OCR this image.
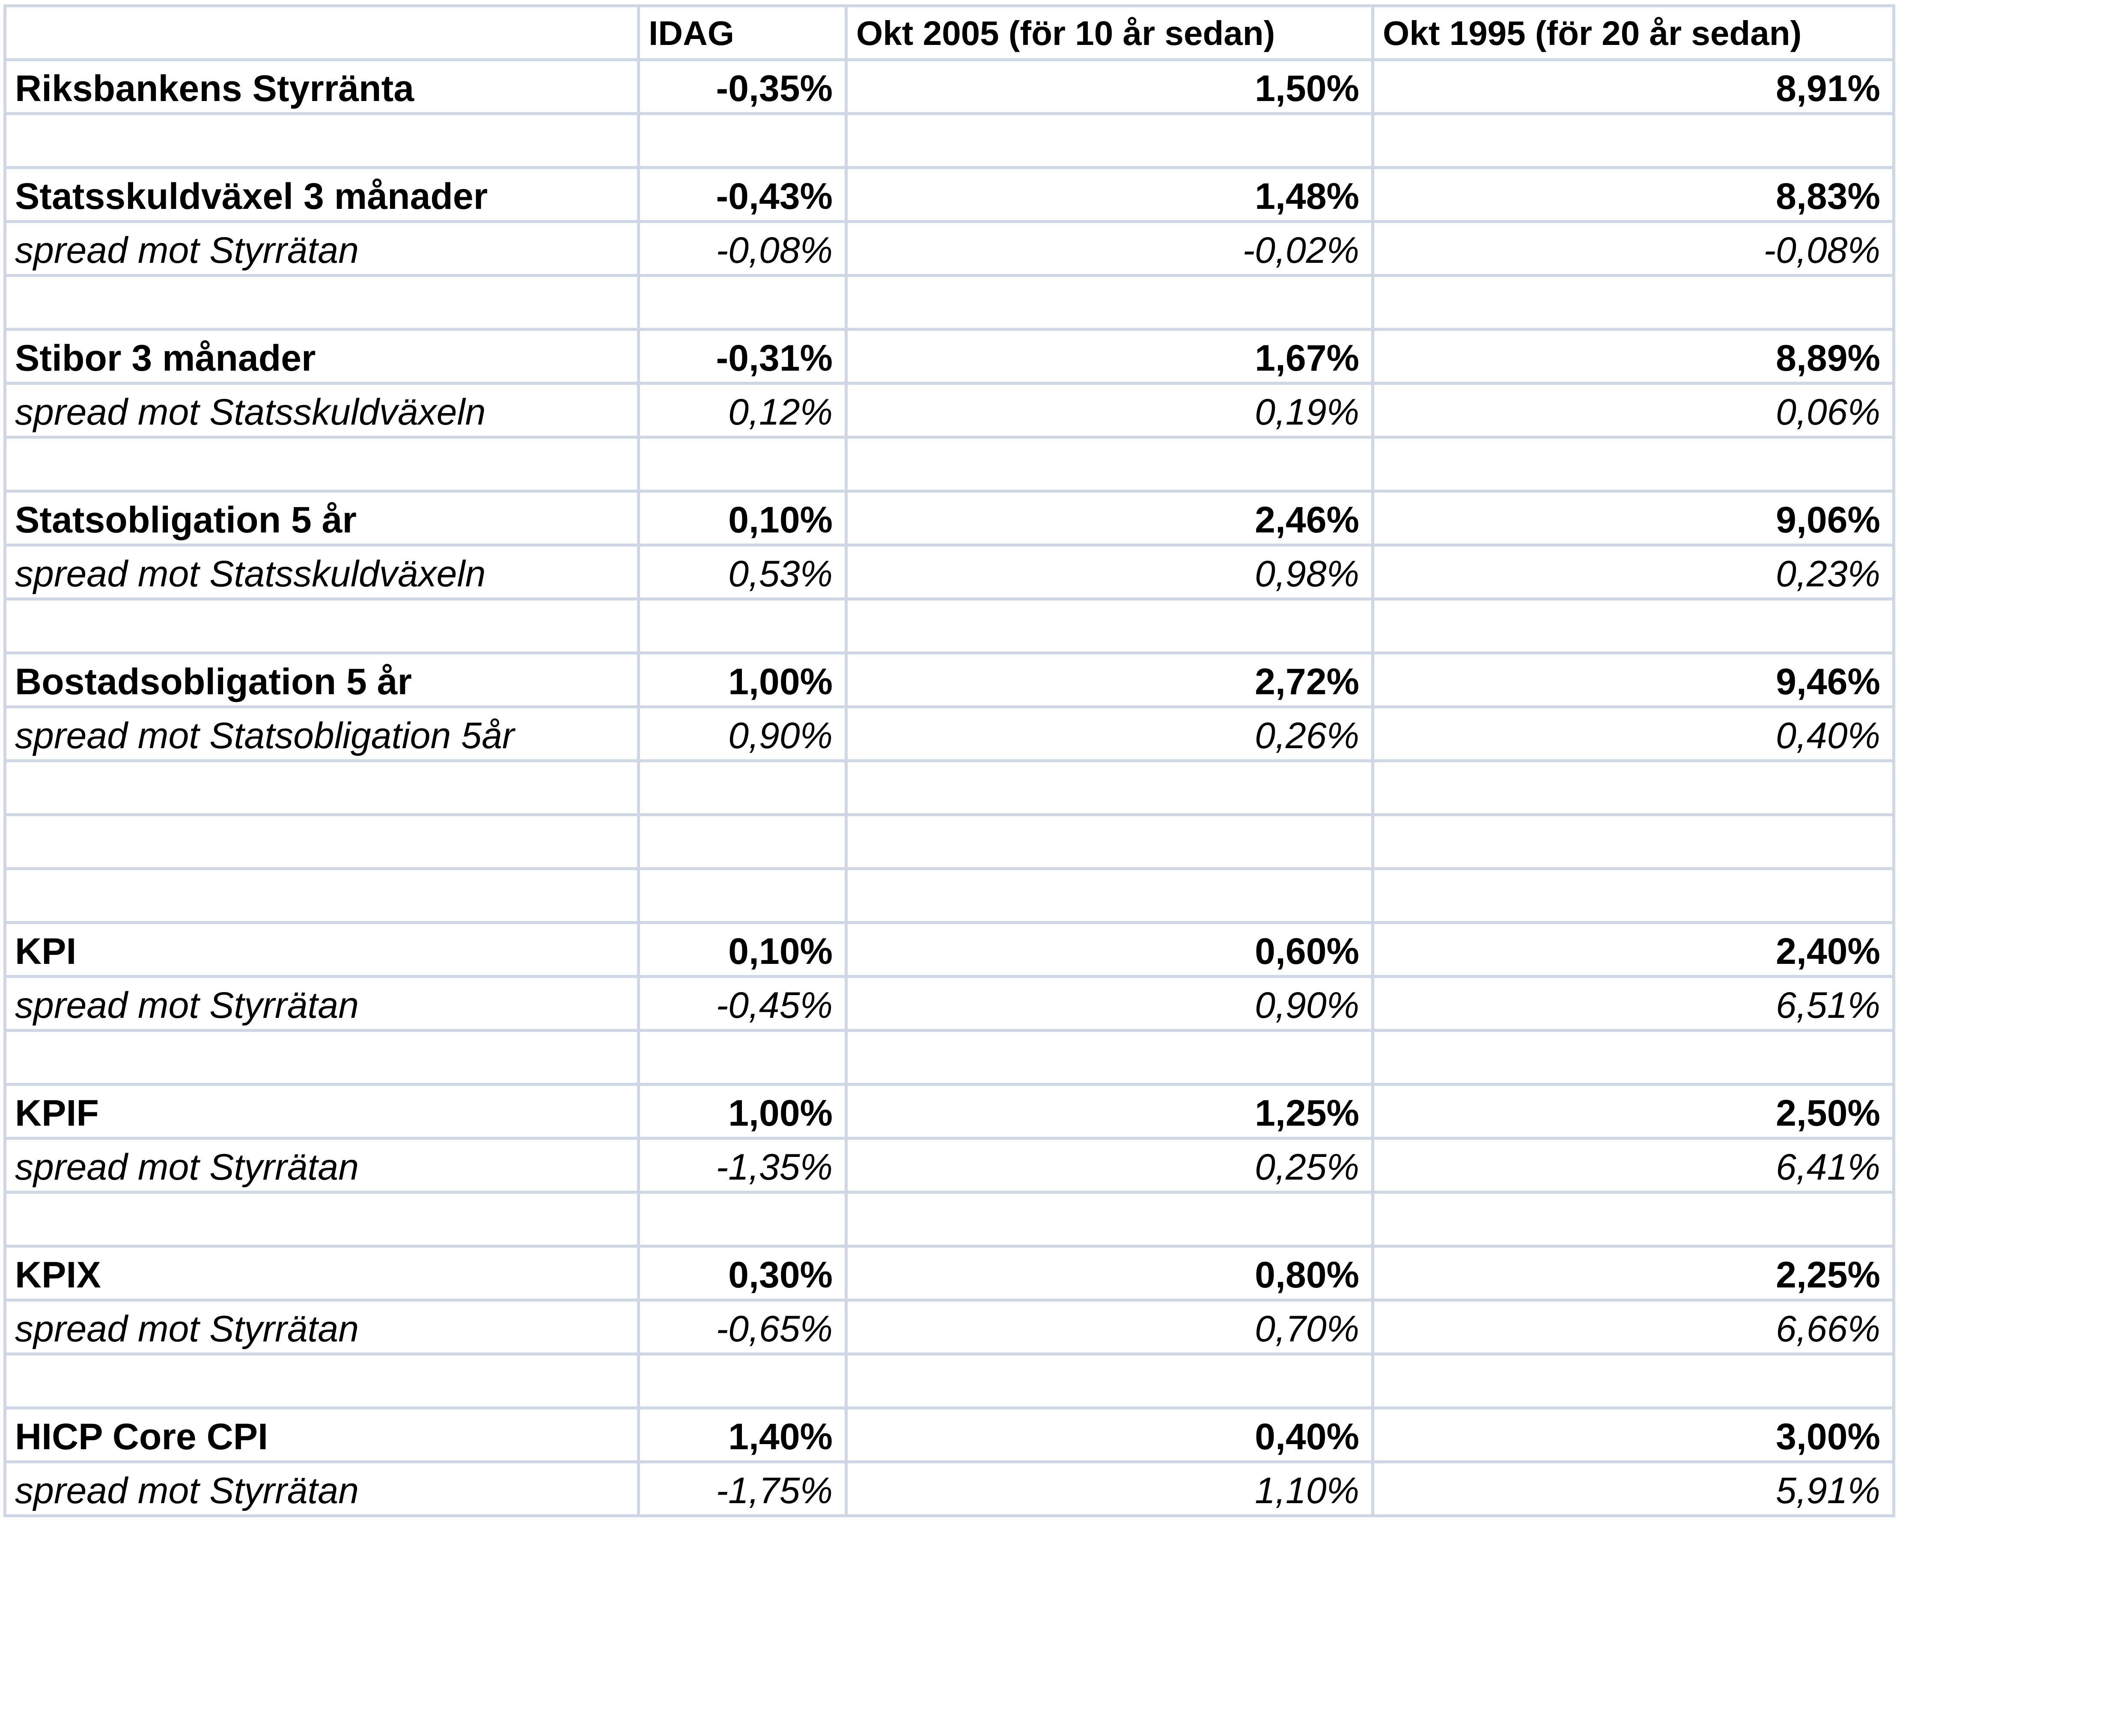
	IDAG	Okt 2005 (för 10 år sedan)	Okt 1995 (för 20 år sedan)
Riksbankens Styrränta	-0,35%	1,50%	8,91%

Statsskuldväxel 3 månader	-0,43%	1,48%	8,83%
spread mot Styrrätan	-0,08%	-0,02%	-0,08%

Stibor 3 månader	-0,31%	1,67%	8,89%
spread mot Statsskuldväxeln	0,12%	0,19%	0,06%

Statsobligation 5 år	0,10%	2,46%	9,06%
spread mot Statsskuldväxeln	0,53%	0,98%	0,23%

Bostadsobligation 5 år	1,00%	2,72%	9,46%
spread mot Statsobligation 5år	0,90%	0,26%	0,40%

KPI	0,10%	0,60%	2,40%
spread mot Styrrätan	-0,45%	0,90%	6,51%

KPIF	1,00%	1,25%	2,50%
spread mot Styrrätan	-1,35%	0,25%	6,41%

KPIX	0,30%	0,80%	2,25%
spread mot Styrrätan	-0,65%	0,70%	6,66%

HICP Core CPI	1,40%	0,40%	3,00%
spread mot Styrrätan	-1,75%	1,10%	5,91%
